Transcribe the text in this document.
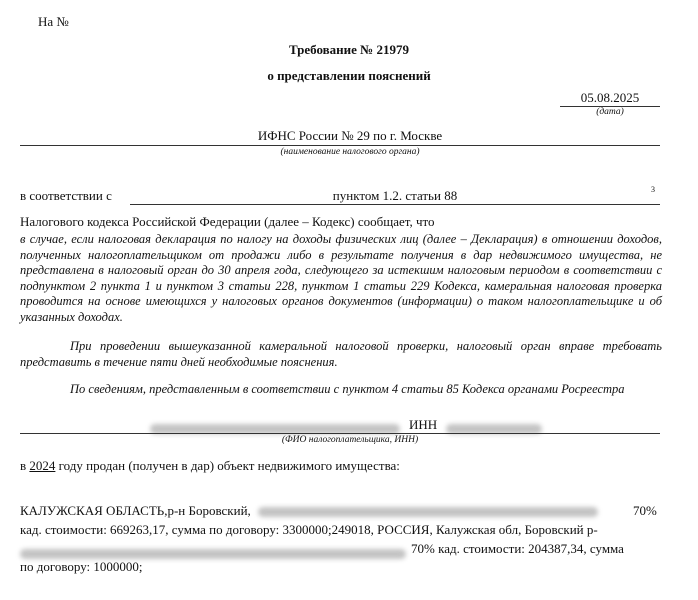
На №
Требование № 21979
о представлении пояснений
05.08.2025
(дата)
ИФНС России № 29 по г. Москве
(наименование налогового органа)
в соответствии с	пунктом 1.2. статьи 88	3
Налогового кодекса Российской Федерации (далее – Кодекс) сообщает, что
в случае, если налоговая декларация по налогу на доходы физических лиц (далее – Декларация) в отношении доходов, полученных налогоплательщиком от продажи либо в результате получения в дар недвижимого имущества, не представлена в налоговый орган до 30 апреля года, следующего за истекшим налоговым периодом в соответствии с подпунктом 2 пункта 1 и пунктом 3 статьи 228, пунктом 1 статьи 229 Кодекса, камеральная налоговая проверка проводится на основе имеющихся у налоговых органов документов (информации) о таком налогоплательщике и об указанных доходах.
При проведении вышеуказанной камеральной налоговой проверки, налоговый орган вправе требовать представить в течение пяти дней необходимые пояснения.
По сведениям, представленным в соответствии с пунктом 4 статьи 85 Кодекса органами Росреестра
ИНН
(ФИО налогоплательщика, ИНН)
в 2024 году продан (получен в дар) объект недвижимого имущества:
КАЛУЖСКАЯ ОБЛАСТЬ,р-н Боровский,	70%
кад. стоимости: 669263,17, сумма по договору: 3300000;249018, РОССИЯ, Калужская обл, Боровский р-
70% кад. стоимости: 204387,34, сумма
по договору: 1000000;
